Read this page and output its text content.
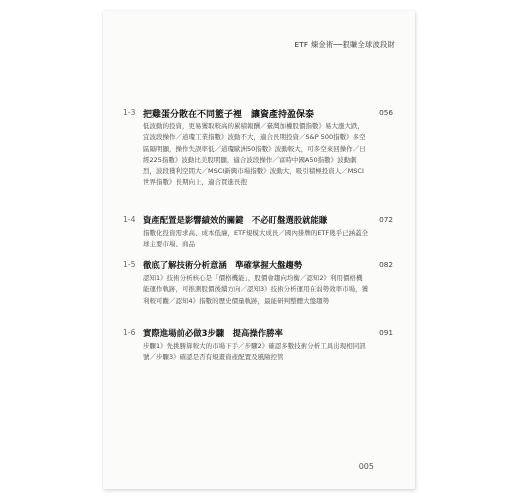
ETF 煉金術──狠賺全球波段財
1-3 把雞蛋分散在不同籃子裡　讓資產持盈保泰	056
低波動的投資，更易獲取較高的累積報酬／臺灣加權股價指數》易大漲大跌，宜波段操作／道瓊工業指數》波動不大，適合長期投資／S&P 500指數》多空區隔明顯，操作失誤率低／道瓊歐洲50指數》波動較大，可多空來回操作／日經225指數》波動比美股明顯，適合波段操作／富時中國A50指數》波動劇烈，波段獲利空間大／MSCI新興市場指數》波動大，吸引積極投資人／MSCI世界指數》長期向上，適合買進長抱
1-4 資產配置是影響績效的關鍵　不必盯盤選股就能賺	072
指數化投資需求高、成本低廉，ETF規模大成長／國內掛牌的ETF幾乎已涵蓋全球主要市場、商品
1-5 徹底了解技術分析意涵　準確掌握大盤趨勢	082
認知1》技術分析核心是「價格機能」，股價會趨向均衡／認知2》利用價格機能運作軌跡，可推測股價後續方向／認知3》技術分析運用在弱勢效率市場，獲利較可觀／認知4》指數的歷史價量軌跡，最能研判整體大盤趨勢
1-6 實際進場前必做3步驟　提高操作勝率	091
步驟1》先挑勝算較大的市場下手／步驟2》確認多數技術分析工具出現相同訊號／步驟3》確認是否有規畫資產配置及風險控管
005
